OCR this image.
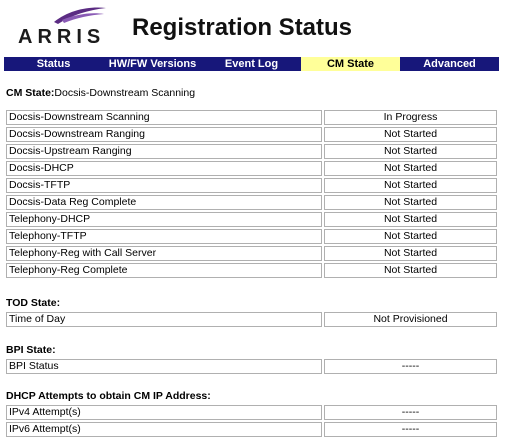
ARRIS Registration Status
Status	HW/FW Versions	Event Log	CM State	Advanced
CM State:Docsis-Downstream Scanning
Docsis-Downstream Scanning	In Progress
Docsis-Downstream Ranging	Not Started
Docsis-Upstream Ranging	Not Started
Docsis-DHCP	Not Started
Docsis-TFTP	Not Started
Docsis-Data Reg Complete	Not Started
Telephony-DHCP	Not Started
Telephony-TFTP	Not Started
Telephony-Reg with Call Server	Not Started
Telephony-Reg Complete	Not Started
TOD State:
Time of Day	Not Provisioned
BPI State:
BPI Status	-----
DHCP Attempts to obtain CM IP Address:
IPv4 Attempt(s)	-----
IPv6 Attempt(s)	-----
